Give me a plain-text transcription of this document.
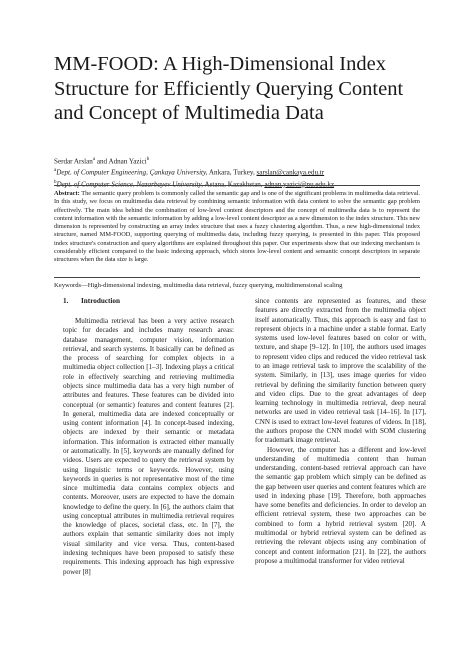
MM-FOOD: A High-Dimensional Index Structure for Efficiently Querying Content and Concept of Multimedia Data
Serdar Arslan$^a$ and Adnan Yazici$^b$
$^a$Dept. of Computer Engineering, Çankaya University, Ankara, Turkey, sarslan@cankaya.edu.tr
$^b$Dept. of Computer Science, Nazarbayev University, Astana, Kazakhstan, adnan.yazici@nu.edu.kz

Abstract: The semantic query problem is commonly called the semantic gap and is one of the significant problems in multimedia data retrieval. In this study, we focus on multimedia data retrieval by combining semantic information with data content to solve the semantic gap problem effectively. The main idea behind the combination of low-level content descriptors and the concept of multimedia data is to represent the content information with the semantic information by adding a low-level content descriptor as a new dimension to the index structure. This new dimension is represented by constructing an array index structure that uses a fuzzy clustering algorithm. Thus, a new high-dimensional index structure, named MM-FOOD, supporting querying of multimedia data, including fuzzy querying, is presented in this paper. This proposed index structure's construction and query algorithms are explained throughout this paper. Our experiments show that our indexing mechanism is considerably efficient compared to the basic indexing approach, which stores low-level content and semantic concept descriptors in separate structures when the data size is large.

Keywords—High-dimensional indexing, multimedia data retrieval, fuzzy querying, multidimensional scaling
1. Introduction

Multimedia retrieval has been a very active research topic for decades and includes many research areas: database management, computer vision, information retrieval, and search systems. It basically can be defined as the process of searching for complex objects in a multimedia object collection [1–3]. Indexing plays a critical role in effectively searching and retrieving multimedia objects since multimedia data has a very high number of attributes and features. These features can be divided into conceptual (or semantic) features and content features [2]. In general, multimedia data are indexed conceptually or using content information [4]. In concept-based indexing, objects are indexed by their semantic or metadata information. This information is extracted either manually or automatically. In [5], keywords are manually defined for videos. Users are expected to query the retrieval system by using linguistic terms or keywords. However, using keywords in queries is not representative most of the time since multimedia data contains complex objects and contents. Moreover, users are expected to have the domain knowledge to define the query. In [6], the authors claim that using conceptual attributes in multimedia retrieval requires the knowledge of places, societal class, etc. In [7], the authors explain that semantic similarity does not imply visual similarity and vice versa. Thus, content-based indexing techniques have been proposed to satisfy these requirements. This indexing approach has high expressive power [8]

since contents are represented as features, and these features are directly extracted from the multimedia object itself automatically. Thus, this approach is easy and fast to represent objects in a machine under a stable format. Early systems used low-level features based on color or with, texture, and shape [9–12]. In [10], the authors used images to represent video clips and reduced the video retrieval task to an image retrieval task to improve the scalability of the system. Similarly, in [13], uses image queries for video retrieval by defining the similarity function between query and video clips. Due to the great advantages of deep learning technology in multimedia retrieval, deep neural networks are used in video retrieval task [14–16]. In [17], CNN is used to extract low-level features of videos. In [18], the authors propose the CNN model with SOM clustering for trademark image retrieval.

However, the computer has a different and low-level understanding of multimedia content than human understanding, content-based retrieval approach can have the semantic gap problem which simply can be defined as the gap between user queries and content features which are used in indexing phase [19]. Therefore, both approaches have some benefits and deficiencies. In order to develop an efficient retrieval system, these two approaches can be combined to form a hybrid retrieval system [20]. A multimodal or hybrid retrieval system can be defined as retrieving the relevant objects using any combination of concept and content information [21]. In [22], the authors propose a multimodal transformer for video retrieval
